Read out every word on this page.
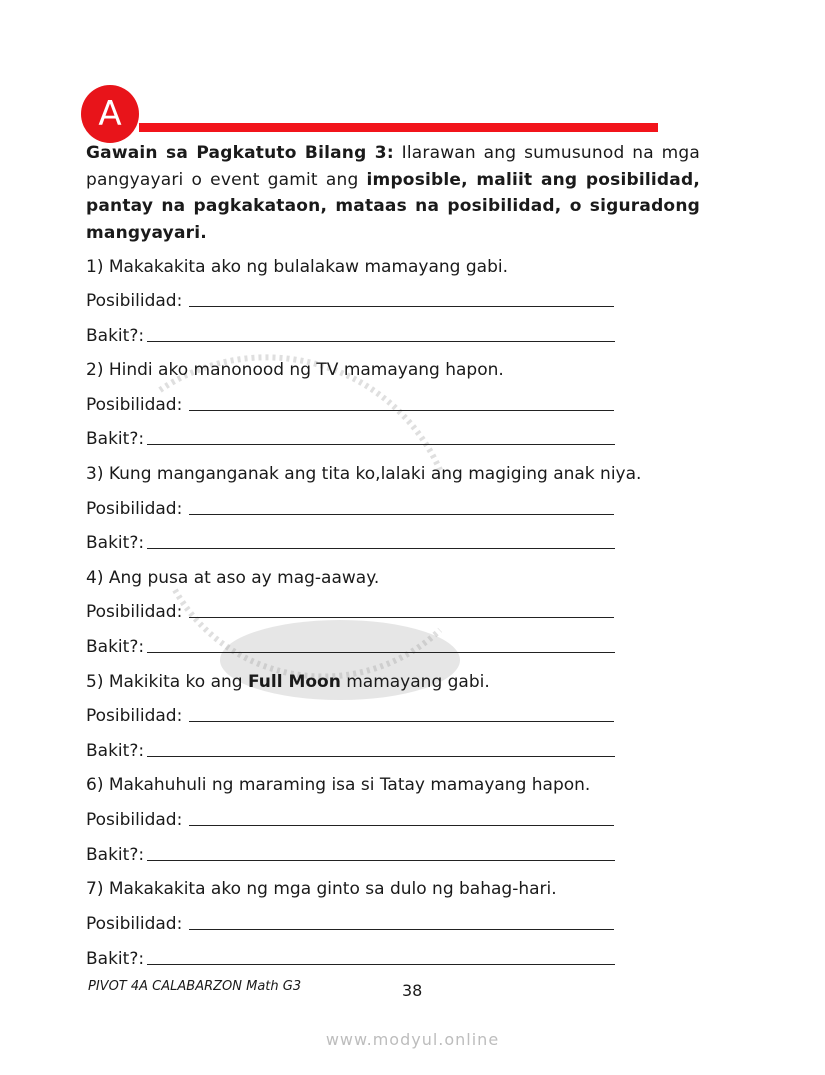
A
Gawain sa Pagkatuto Bilang 3: Ilarawan ang sumusunod na mga pangyayari o event gamit ang imposible, maliit ang posibilidad, pantay na pagkakataon, mataas na posibilidad, o siguradong mangyayari.
1) Makakakita ako ng bulalakaw mamayang gabi.
Posibilidad:
Bakit?:
2) Hindi ako manonood ng TV mamayang hapon.
Posibilidad:
Bakit?:
3) Kung manganganak ang tita ko,lalaki ang magiging anak niya.
Posibilidad:
Bakit?:
4) Ang pusa at aso ay mag-aaway.
Posibilidad:
Bakit?:
5) Makikita ko ang Full Moon mamayang gabi.
Posibilidad:
Bakit?:
6) Makahuhuli ng maraming isa si Tatay mamayang hapon.
Posibilidad:
Bakit?:
7) Makakakita ako ng mga ginto sa dulo ng bahag-hari.
Posibilidad:
Bakit?:
PIVOT 4A CALABARZON Math G3	38
www.modyul.online
